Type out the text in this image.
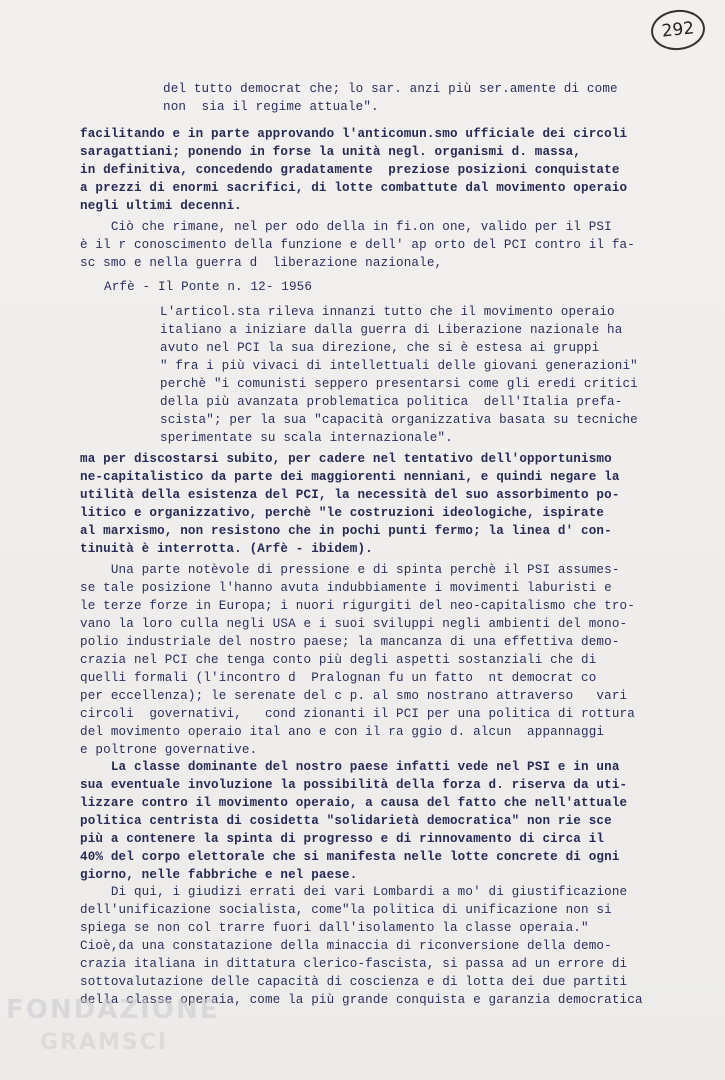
292
del tutto democrat che; lo sar. anzi più ser.amente di come
non  sia il regime attuale".
facilitando e in parte approvando l'anticomun.smo ufficiale dei circoli
saragattiani; ponendo in forse la unità negl. organismi d. massa,
in definitiva, concedendo gradatamente  preziose posizioni conquistate
a prezzi di enormi sacrifici, di lotte combattute dal movimento operaio
negli ultimi decenni.
Ciò che rimane, nel per odo della in fi.on one, valido per il PSI
è il r conoscimento della funzione e dell' ap orto del PCI contro il fa-
sc smo e nella guerra d  liberazione nazionale,
Arfè - Il Ponte n. 12- 1956
L'articol.sta rileva innanzi tutto che il movimento operaio
italiano a iniziare dalla guerra di Liberazione nazionale ha
avuto nel PCI la sua direzione, che si è estesa ai gruppi
" fra i più vivaci di intellettuali delle giovani generazioni"
perchè "i comunisti seppero presentarsi come gli eredi critici
della più avanzata problematica politica  dell'Italia prefa-
scista"; per la sua "capacità organizzativa basata su tecniche
sperimentate su scala internazionale".
ma per discostarsi subito, per cadere nel tentativo dell'opportunismo
ne-capitalistico da parte dei maggiorenti nenniani, e quindi negare la
utilità della esistenza del PCI, la necessità del suo assorbimento po-
litico e organizzativo, perchè "le costruzioni ideologiche, ispirate
al marxismo, non resistono che in pochi punti fermo; la linea d' con-
tinuità è interrotta. (Arfè - ibidem).
Una parte notèvole di pressione e di spinta perchè il PSI assumes-
se tale posizione l'hanno avuta indubbiamente i movimenti laburisti e
le terze forze in Europa; i nuori rigurgiti del neo-capitalismo che tro-
vano la loro culla negli USA e i suoi sviluppi negli ambienti del mono-
polio industriale del nostro paese; la mancanza di una effettiva demo-
crazia nel PCI che tenga conto più degli aspetti sostanziali che di
quelli formali (l'incontro d  Pralognan fu un fatto  nt democrat co
per eccellenza); le serenate del c p. al smo nostrano attraverso   vari
circoli  governativi,   cond zionanti il PCI per una politica di rottura
del movimento operaio ital ano e con il ra ggio d. alcun  appannaggi
e poltrone governative.
La classe dominante del nostro paese infatti vede nel PSI e in una
sua eventuale involuzione la possibilità della forza d. riserva da uti-
lizzare contro il movimento operaio, a causa del fatto che nell'attuale
politica centrista di cosidetta "solidarietà democratica" non rie sce
più a contenere la spinta di progresso e di rinnovamento di circa il
40% del corpo elettorale che si manifesta nelle lotte concrete di ogni
giorno, nelle fabbriche e nel paese.
Di qui, i giudizi errati dei vari Lombardi a mo' di giustificazione
dell'unificazione socialista, come"la politica di unificazione non si
spiega se non col trarre fuori dall'isolamento la classe operaia."
Cioè,da una constatazione della minaccia di riconversione della demo-
crazia italiana in dittatura clerico-fascista, si passa ad un errore di
sottovalutazione delle capacità di coscienza e di lotta dei due partiti
della classe operaia, come la più grande conquista e garanzia democratica
FONDAZIONE
GRAMSCI
